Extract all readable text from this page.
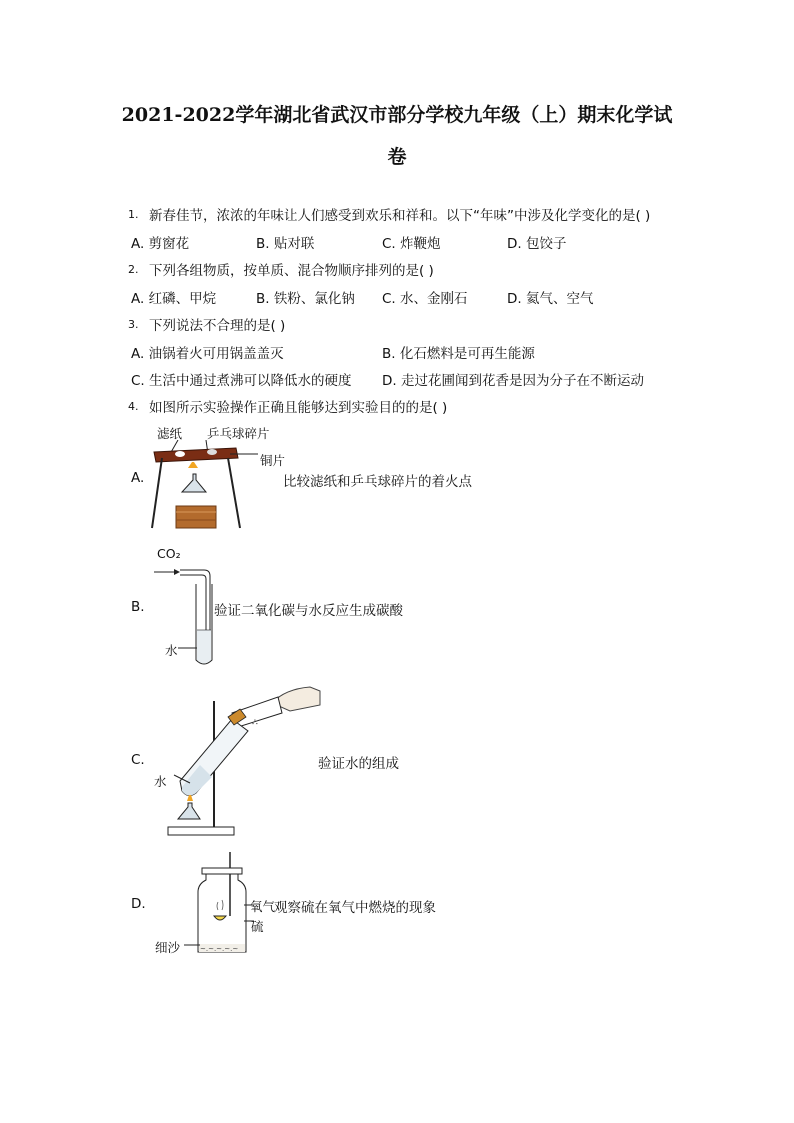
2021-2022学年湖北省武汉市部分学校九年级（上）期末化学试
卷
1. 新春佳节，浓浓的年味让人们感受到欢乐和祥和。以下“年味”中涉及化学变化的是( )
A. 剪窗花	B. 贴对联	C. 炸鞭炮	D. 包饺子
2. 下列各组物质，按单质、混合物顺序排列的是( )
A. 红磷、甲烷	B. 铁粉、氯化钠 C. 水、金刚石	D. 氦气、空气
3. 下列说法不合理的是( )
A. 油锅着火可用锅盖盖灭	B. 化石燃料是可再生能源
C. 生活中通过煮沸可以降低水的硬度 D. 走过花圃闻到花香是因为分子在不断运动
4. 如图所示实验操作正确且能够达到实验目的的是( )
滤纸 乒乓球碎片
铜片
A.	比较滤纸和乒乓球碎片的着火点
CO₂
水
B.	验证二氧化碳与水反应生成碳酸
∴
水
C.	验证水的组成
~.~.~.~.~
D.	氧气
观察硫在氧气中燃烧的现象
硫
细沙
